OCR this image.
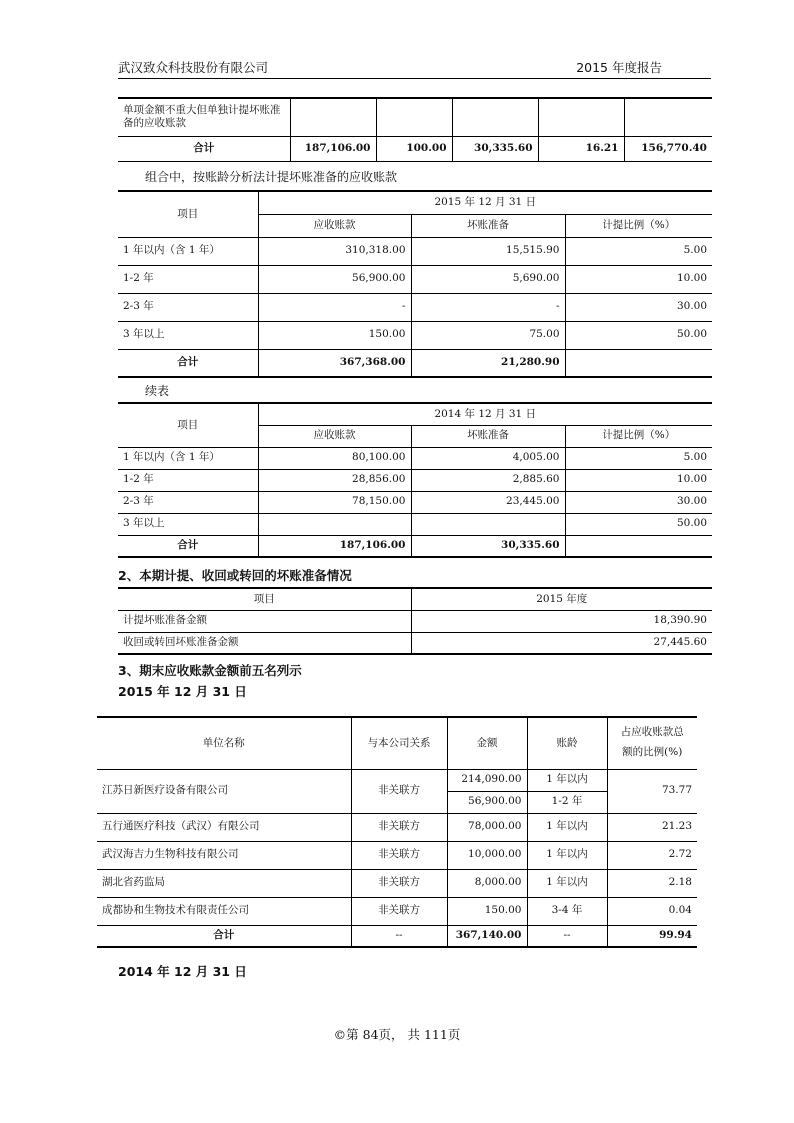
武汉致众科技股份有限公司	2015 年度报告
单项金额不重大但单独计提坏账准备的应收账款					
合计	187,106.00	100.00	30,335.60	16.21	156,770.40
组合中，按账龄分析法计提坏账准备的应收账款
项目	2015 年 12 月 31 日		
	应收账款	坏账准备	计提比例（%）
1 年以内（含 1 年）	310,318.00	15,515.90	5.00
1-2 年	56,900.00	5,690.00	10.00
2-3 年	-	-	30.00
3 年以上	150.00	75.00	50.00
合计	367,368.00	21,280.90	
续表
项目	2014 年 12 月 31 日		
	应收账款	坏账准备	计提比例（%）
1 年以内（含 1 年）	80,100.00	4,005.00	5.00
1-2 年	28,856.00	2,885.60	10.00
2-3 年	78,150.00	23,445.00	30.00
3 年以上			50.00
合计	187,106.00	30,335.60	
2、本期计提、收回或转回的坏账准备情况
项目	2015 年度
计提坏账准备金额	18,390.90
收回或转回坏账准备金额	27,445.60
3、期末应收账款金额前五名列示
2015 年 12 月 31 日
单位名称	与本公司关系	金额	账龄	占应收账款总
额的比例(%)

江苏日新医疗设备有限公司	非关联方	214,090.00	1 年以内	73.77
		56,900.00	1-2 年	
五行通医疗科技（武汉）有限公司	非关联方	78,000.00	1 年以内	21.23
武汉海吉力生物科技有限公司	非关联方	10,000.00	1 年以内	2.72
湖北省药监局	非关联方	8,000.00	1 年以内	2.18
成都协和生物技术有限责任公司	非关联方	150.00	3-4 年	0.04
合计	--	367,140.00	--	99.94
2014 年 12 月 31 日
©第 84页， 共 111页
